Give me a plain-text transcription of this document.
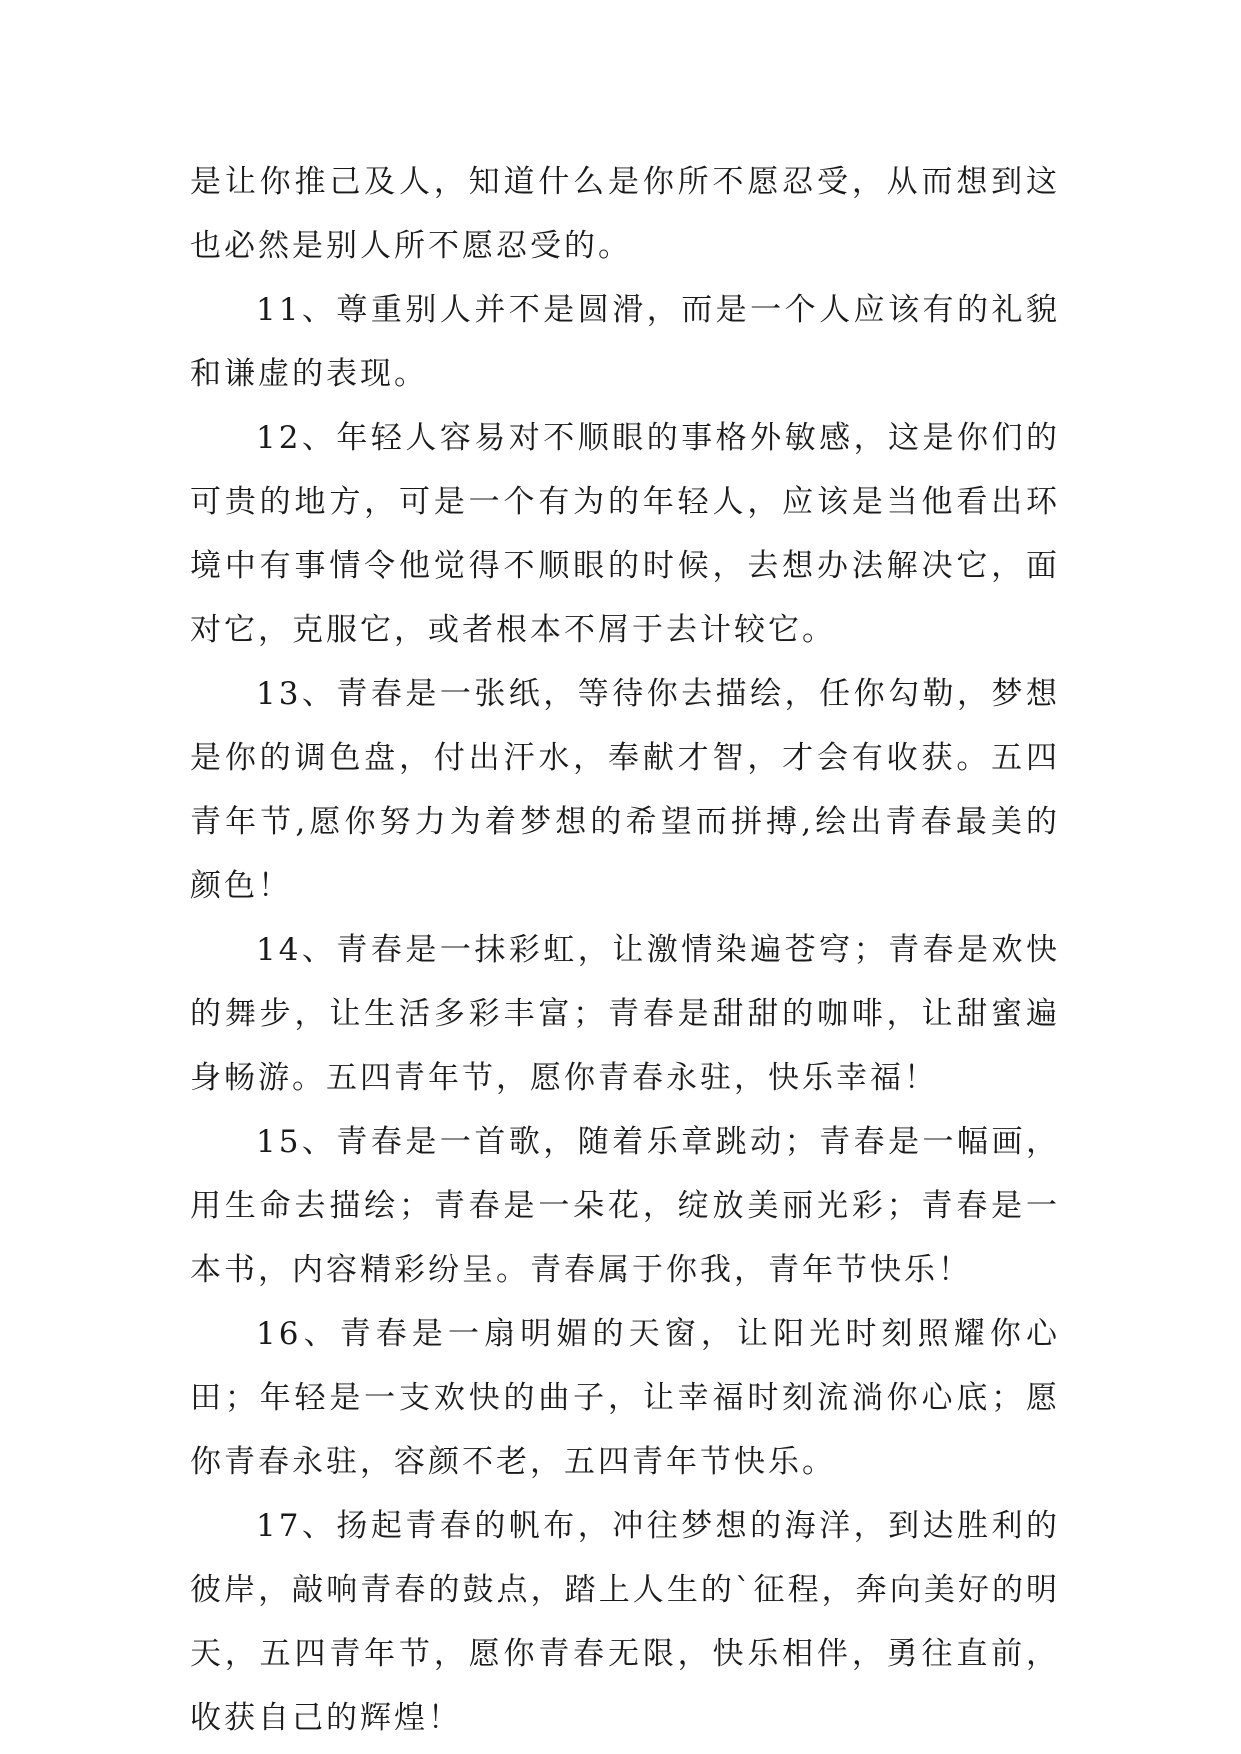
是让你推己及人，知道什么是你所不愿忍受，从而想到这也必然是别人所不愿忍受的。

11、尊重别人并不是圆滑，而是一个人应该有的礼貌和谦虚的表现。

12、年轻人容易对不顺眼的事格外敏感，这是你们的可贵的地方，可是一个有为的年轻人，应该是当他看出环境中有事情令他觉得不顺眼的时候，去想办法解决它，面对它，克服它，或者根本不屑于去计较它。

13、青春是一张纸，等待你去描绘，任你勾勒，梦想是你的调色盘，付出汗水，奉献才智，才会有收获。五四青年节,愿你努力为着梦想的希望而拼搏,绘出青春最美的颜色！

14、青春是一抹彩虹，让激情染遍苍穹；青春是欢快的舞步，让生活多彩丰富；青春是甜甜的咖啡，让甜蜜遍身畅游。五四青年节，愿你青春永驻，快乐幸福！

15、青春是一首歌，随着乐章跳动；青春是一幅画，用生命去描绘；青春是一朵花，绽放美丽光彩；青春是一本书，内容精彩纷呈。青春属于你我，青年节快乐！

16、青春是一扇明媚的天窗，让阳光时刻照耀你心田；年轻是一支欢快的曲子，让幸福时刻流淌你心底；愿你青春永驻，容颜不老，五四青年节快乐。

17、扬起青春的帆布，冲往梦想的海洋，到达胜利的彼岸，敲响青春的鼓点，踏上人生的`征程，奔向美好的明天，五四青年节，愿你青春无限，快乐相伴，勇往直前，收获自己的辉煌！
